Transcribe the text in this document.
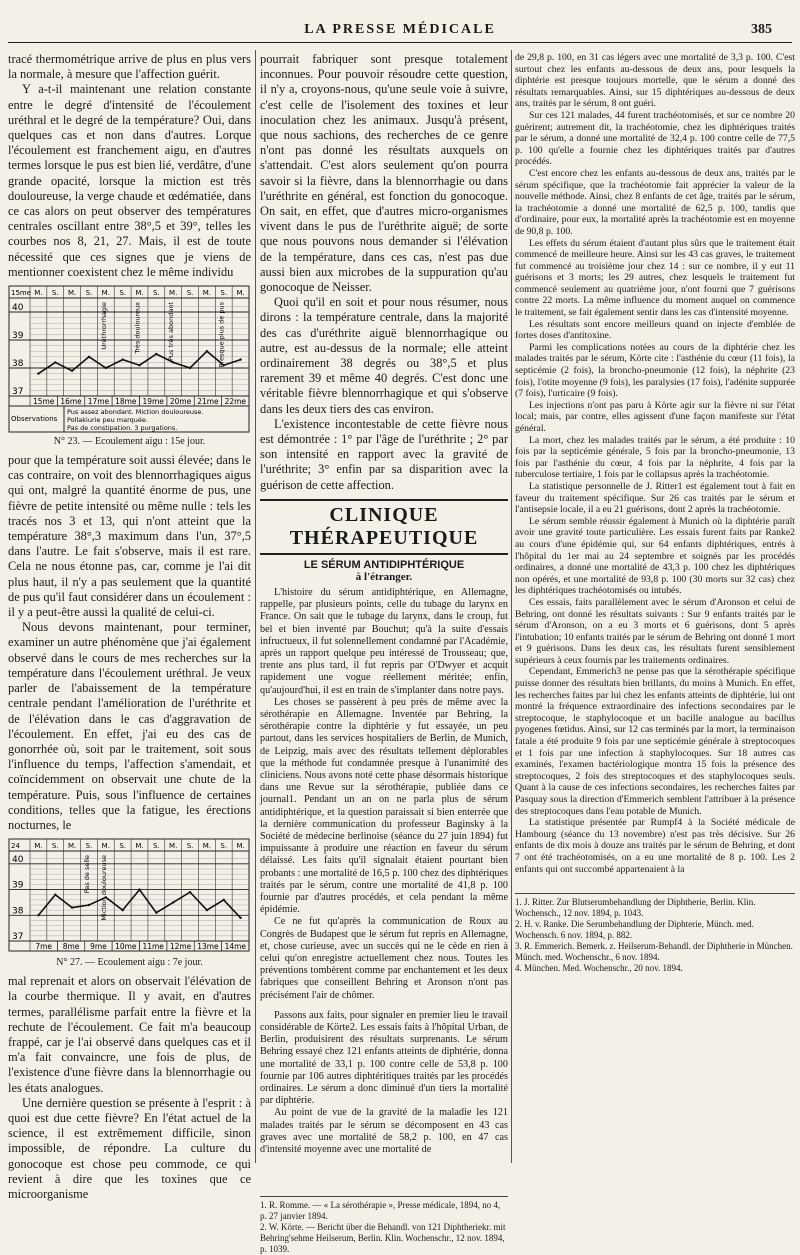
LA PRESSE MÉDICALE	385

tracé thermométrique arrive de plus en plus vers la normale, à mesure que l'affection guérit.

Y a-t-il maintenant une relation constante entre le degré d'intensité de l'écoulement uréthral et le degré de la température? Oui, dans quelques cas et non dans d'autres. Lorque l'écoulement est franchement aigu, en d'autres termes lorsque le pus est bien lié, verdâtre, d'une grande opacité, lorsque la miction est très douloureuse, la verge chaude et œdématiée, dans ce cas alors on peut observer des températures centrales oscillant entre 38°,5 et 39°, telles les courbes nos 8, 21, 27. Mais, il est de toute nécessité que ces signes que je viens de mentionner coexistent chez le même individu

15me M. S. M. S. M. S. M. S. M. S. M. S. M.
40
39
38
37
15me 16me 17me 18me 19me 20me 21me 22me
Urèthrorrhagie	Très douloureux	Pus très abondant	Presque plus de pus
Observations
Pus assez abondant. Miction douloureuse.
Pollakiurie peu marquée.
Pas de constipation. 3 purgations.
N° 23. — Ecoulement aigu : 15e jour.

pour que la température soit aussi élevée; dans le cas contraire, on voit des blennorrhagiques aigus qui ont, malgré la quantité énorme de pus, une fièvre de petite intensité ou même nulle : tels les tracés nos 3 et 13, qui n'ont atteint que la température 38°,3 maximum dans l'un, 37°,5 dans l'autre. Le fait s'observe, mais il est rare. Cela ne nous étonne pas, car, comme je l'ai dit plus haut, il n'y a pas seulement que la quantité de pus qu'il faut considérer dans un écoulement : il y a peut-être aussi la qualité de celui-ci.

Nous devons maintenant, pour terminer, examiner un autre phénomène que j'ai également observé dans le cours de mes recherches sur la température dans l'écoulement uréthral. Je veux parler de l'abaissement de la température centrale pendant l'amélioration de l'uréthrite et de l'élévation dans le cas d'aggravation de l'écoulement. En effet, j'ai eu des cas de gonorrhée où, soit par le traitement, soit sous l'influence du temps, l'affection s'amendait, et coïncidemment on observait une chute de la température. Puis, sous l'influence de certaines conditions, telles que la fatigue, les érections nocturnes, le

24 M. S. M. S. M. S. M. S. M. S. M. S. M.
40
39
38
37
7me 8me 9me 10me 11me 12me 13me 14me
Pas de selle Miction douloureuse
N° 27. — Ecoulement aigu : 7e jour.

mal reprenait et alors on observait l'élévation de la courbe thermique. Il y avait, en d'autres termes, parallélisme parfait entre la fièvre et la rechute de l'écoulement. Ce fait m'a beaucoup frappé, car je l'ai observé dans quelques cas et il m'a fait convaincre, une fois de plus, de l'existence d'une fièvre dans la blennorrhagie ou les états analogues.

Une dernière question se présente à l'esprit : à quoi est due cette fièvre? En l'état actuel de la science, il est extrêmement difficile, sinon impossible, de répondre. La culture du gonocoque est chose peu commode, ce qui revient à dire que les toxines que ce microorganisme

pourrait fabriquer sont presque totalement inconnues. Pour pouvoir résoudre cette question, il n'y a, croyons-nous, qu'une seule voie à suivre, c'est celle de l'isolement des toxines et leur inoculation chez les animaux. Jusqu'à présent, que nous sachions, des recherches de ce genre n'ont pas donné les résultats auxquels on s'attendait. C'est alors seulement qu'on pourra savoir si la fièvre, dans la blennorrhagie ou dans l'uréthrite en général, est fonction du gonocoque. On sait, en effet, que d'autres micro-organismes vivent dans le pus de l'uréthrite aiguë; de sorte que nous pouvons nous demander si l'élévation de la température, dans ces cas, n'est pas due aussi bien aux microbes de la suppuration qu'au gonocoque de Neisser.

Quoi qu'il en soit et pour nous résumer, nous dirons : la température centrale, dans la majorité des cas d'uréthrite aiguë blennorrhagique ou autre, est au-dessus de la normale; elle atteint ordinairement 38 degrés ou 38°,5 et plus rarement 39 et même 40 degrés. C'est donc une véritable fièvre blennorrhagique et qui s'observe dans les deux tiers des cas environ.

L'existence incontestable de cette fièvre nous est démontrée : 1° par l'âge de l'uréthrite ; 2° par son intensité en rapport avec la gravité de l'uréthrite; 3° enfin par sa disparition avec la guérison de cette affection.

CLINIQUE THÉRAPEUTIQUE
LE SÉRUM ANTIDIPHTÉRIQUE
à l'étranger.

L'histoire du sérum antidiphtérique, en Allemagne, rappelle, par plusieurs points, celle du tubage du larynx en France. On sait que le tubage du larynx, dans le croup, fut bel et bien inventé par Bouchut; qu'à la suite d'essais infructueux, il fut solennellement condamné par l'Académie, après un rapport quelque peu intéressé de Trousseau; que, trente ans plus tard, il fut repris par O'Dwyer et acquit rapidement une vogue réellement méritée; enfin, qu'aujourd'hui, il est en train de s'implanter dans notre pays.

Les choses se passèrent à peu près de même avec la sérothérapie en Allemagne. Inventée par Behring, la sérothérapie contre la diphtérie y fut essayée, un peu partout, dans les services hospitaliers de Berlin, de Munich, de Leipzig, mais avec des résultats tellement déplorables que la méthode fut condamnée presque à l'unanimité des cliniciens. Nous avons noté cette phase désormais historique dans une Revue sur la sérothérapie, publiée dans ce journal1. Pendant un an on ne parla plus de sérum antidiphtérique, et la question paraissait si bien enterrée que la dernière communication du professeur Baginsky à la Société de médecine berlinoise (séance du 27 juin 1894) fut impuissante à produire une réaction en faveur du sérum délaissé. Les faits qu'il signalait étaient pourtant bien probants : une mortalité de 16,5 p. 100 chez des diphtériques traités par le sérum, contre une mortalité de 41,8 p. 100 fournie par d'autres procédés, et cela pendant la même épidémie.

Ce ne fut qu'après la communication de Roux au Congrès de Budapest que le sérum fut repris en Allemagne, et, chose curieuse, avec un succès qui ne le cède en rien à celui qu'on enregistre actuellement chez nous. Toutes les préventions tombèrent comme par enchantement et les deux fabriques que conseillent Behring et Aronson n'ont pas précisément l'air de chômer.

Passons aux faits, pour signaler en premier lieu le travail considérable de Körte2. Les essais faits à l'hôpital Urban, de Berlin, produisirent des résultats surprenants. Le sérum Behring essayé chez 121 enfants atteints de diphtérie, donna une mortalité de 33,1 p. 100 contre celle de 53,8 p. 100 fournie par 106 autres diphtéritiques traités par les procédés ordinaires. Le sérum a donc diminué d'un tiers la mortalité par diphtérie.

Au point de vue de la gravité de la maladie les 121 malades traités par le sérum se décomposent en 43 cas graves avec une mortalité de 58,2 p. 100, en 47 cas d'intensité moyenne avec une mortalité de

1. R. Romme. — « La sérothérapie », Presse médicale, 1894, no 4, p. 27 janvier 1894.
2. W. Körte. — Bericht über die Behandl. von 121 Diphtheriekr. mit Behring'sehme Heilserum, Berlin. Klin. Wochenschr., 12 nov. 1894, p. 1039.

de 29,8 p. 100, en 31 cas légers avec une mortalité de 3,3 p. 100. C'est surtout chez les enfants au-dessous de deux ans, pour lesquels la diphtérie est presque toujours mortelle, que le sérum a donné des résultats remarquables. Ainsi, sur 15 diphtériques au-dessous de deux ans, traités par le sérum, 8 ont guéri.

Sur ces 121 malades, 44 furent trachéotomisés, et sur ce nombre 20 guérirent; autrement dit, la trachéotomie, chez les diphtériques traités par le sérum, a donné une mortalité de 32,4 p. 100 contre celle de 77,5 p. 100 qu'elle a fournie chez les diphtériques traités par d'autres procédés.

C'est encore chez les enfants au-dessous de deux ans, traités par le sérum spécifique, que la trachéotomie fait apprécier la valeur de la nouvelle méthode. Ainsi, chez 8 enfants de cet âge, traités par le sérum, la trachéotomie a donné une mortalité de 62,5 p. 100, tandis que d'ordinaire, pour eux, la mortalité après la trachéotomie est en moyenne de 90,8 p. 100.

Les effets du sérum étaient d'autant plus sûrs que le traitement était commencé de meilleure heure. Ainsi sur les 43 cas graves, le traitement fut commencé au troisième jour chez 14 : sur ce nombre, il y eut 11 guérisons et 3 morts; les 29 autres, chez lesquels le traitement fut commencé seulement au quatrième jour, n'ont fourni que 7 guérisons contre 22 morts. La même influence du moment auquel on commence le traitement, se fait également sentir dans les cas d'intensité moyenne.

Les résultats sont encore meilleurs quand on injecte d'emblée de fortes doses d'antitoxine.

Parmi les complications notées au cours de la diphtérie chez les malades traités par le sérum, Körte cite : l'asthénie du cœur (11 fois), la septicémie (2 fois), la broncho-pneumonie (12 fois), la néphrite (23 fois), l'otite moyenne (9 fois), les paralysies (17 fois), l'adénite suppurée (7 fois), l'urticaire (9 fois).

Les injections n'ont pas paru à Körte agir sur la fièvre ni sur l'état local; mais, par contre, elles agissent d'une façon manifeste sur l'état général.

La mort, chez les malades traités par le sérum, a été produite : 10 fois par la septicémie générale, 5 fois par la broncho-pneumonie, 13 fois par l'asthénie du cœur, 4 fois par la néphrite, 4 fois par la tuberculose tertiaire, 1 fois par le collapsus après la trachéotomie.

La statistique personnelle de J. Ritter1 est également tout à fait en faveur du traitement spécifique. Sur 26 cas traités par le sérum et l'antisepsie locale, il a eu 21 guérisons, dont 2 après la trachéotomie.

Le sérum semble réussir également à Munich où la diphtérie paraît avoir une gravité toute particulière. Les essais furent faits par Ranke2 au cours d'une épidémie qui, sur 64 enfants diphtériques, entrés à l'hôpital du 1er mai au 24 septembre et soignés par les procédés ordinaires, a donné une mortalité de 43,3 p. 100 chez les diphtériques non opérés, et une mortalité de 93,8 p. 100 (30 morts sur 32 cas) chez les diphtériques trachéotomisés ou intubés.

Ces essais, faits parallèlement avec le sérum d'Aronson et celui de Behring, ont donné les résultats suivants : Sur 9 enfants traités par le sérum d'Aronson, on a eu 3 morts et 6 guérisons, dont 5 après l'intubation; 10 enfants traités par le sérum de Behring ont donné 1 mort et 9 guérisons. Dans les deux cas, les résultats furent sensiblement supérieurs à ceux fournis par les traitements ordinaires.

Cependant, Emmerich3 ne pense pas que la sérothérapie spécifique puisse donner des résultats bien brillants, du moins à Munich. En effet, les recherches faites par lui chez les enfants atteints de diphtérie, lui ont montré la fréquence extraordinaire des infections secondaires par le streptocoque, le staphylocoque et un bacille analogue au bacillus pyogenes fœtidus. Ainsi, sur 12 cas terminés par la mort, la terminaison fatale a été produite 9 fois par une septicémie générale à streptocoques et 1 fois par une infection à staphylocoques. Sur 18 autres cas examinés, l'examen bactériologique montra 15 fois la présence des streptocoques, 2 fois des streptocoques et des staphylocoques seuls. Quant à la cause de ces infections secondaires, les recherches faites par Pasquay sous la direction d'Emmerich semblent l'attribuer à la présence des streptocoques dans l'eau potable de Munich.

La statistique présentée par Rumpf4 à la Société médicale de Hambourg (séance du 13 novembre) n'est pas très décisive. Sur 26 enfants de dix mois à douze ans traités par le sérum de Behring, et dont 7 ont été trachéotomisés, on a eu une mortalité de 8 p. 100. Les 2 enfants qui ont succombé appartenaient à la

1. J. Ritter. Zur Blutserumbehandlung der Diphtherie, Berlin. Klin. Wochensch., 12 nov. 1894, p. 1043.
2. H. v. Ranke. Die Serumbehandlung der Diphterie, Münch. med. Wochensch. 6 nov. 1894, p. 882.
3. R. Emmerich. Bemerk. z. Heilserum-Behandl. der Diphtherie in München. Münch. med. Wochenschr., 6 nov. 1894.
4. München. Med. Wochenschr., 20 nov. 1894.
